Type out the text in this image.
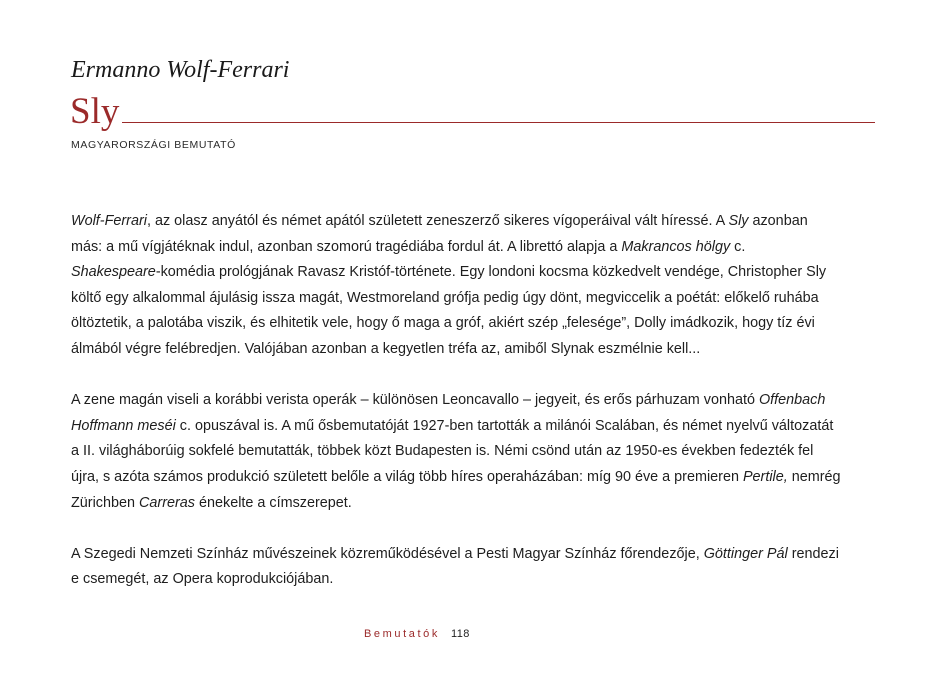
Ermanno Wolf-Ferrari
Sly
MAGYARORSZÁGI BEMUTATÓ

Wolf-Ferrari, az olasz anyától és német apától született zeneszerző sikeres vígoperáival vált híressé. A Sly azonban
más: a mű vígjátéknak indul, azonban szomorú tragédiába fordul át. A librettó alapja a Makrancos hölgy c.
Shakespeare-komédia prológjának Ravasz Kristóf-története. Egy londoni kocsma közkedvelt vendége, Christopher Sly
költő egy alkalommal ájulásig issza magát, Westmoreland grófja pedig úgy dönt, megviccelik a poétát: előkelő ruhába
öltöztetik, a palotába viszik, és elhitetik vele, hogy ő maga a gróf, akiért szép „felesége”, Dolly imádkozik, hogy tíz évi
álmából végre felébredjen. Valójában azonban a kegyetlen tréfa az, amiből Slynak eszmélnie kell...

A zene magán viseli a korábbi verista operák – különösen Leoncavallo – jegyeit, és erős párhuzam vonható Offenbach
Hoffmann meséi c. opuszával is. A mű ősbemutatóját 1927-ben tartották a milánói Scalában, és német nyelvű változatát
a II. világháborúig sokfelé bemutatták, többek közt Budapesten is. Némi csönd után az 1950-es években fedezték fel
újra, s azóta számos produkció született belőle a világ több híres operaházában: míg 90 éve a premieren Pertile, nemrég
Zürichben Carreras énekelte a címszerepet.

A Szegedi Nemzeti Színház művészeinek közreműködésével a Pesti Magyar Színház főrendezője, Göttinger Pál rendezi
e csemegét, az Opera koprodukciójában.

Bemutatók 118
